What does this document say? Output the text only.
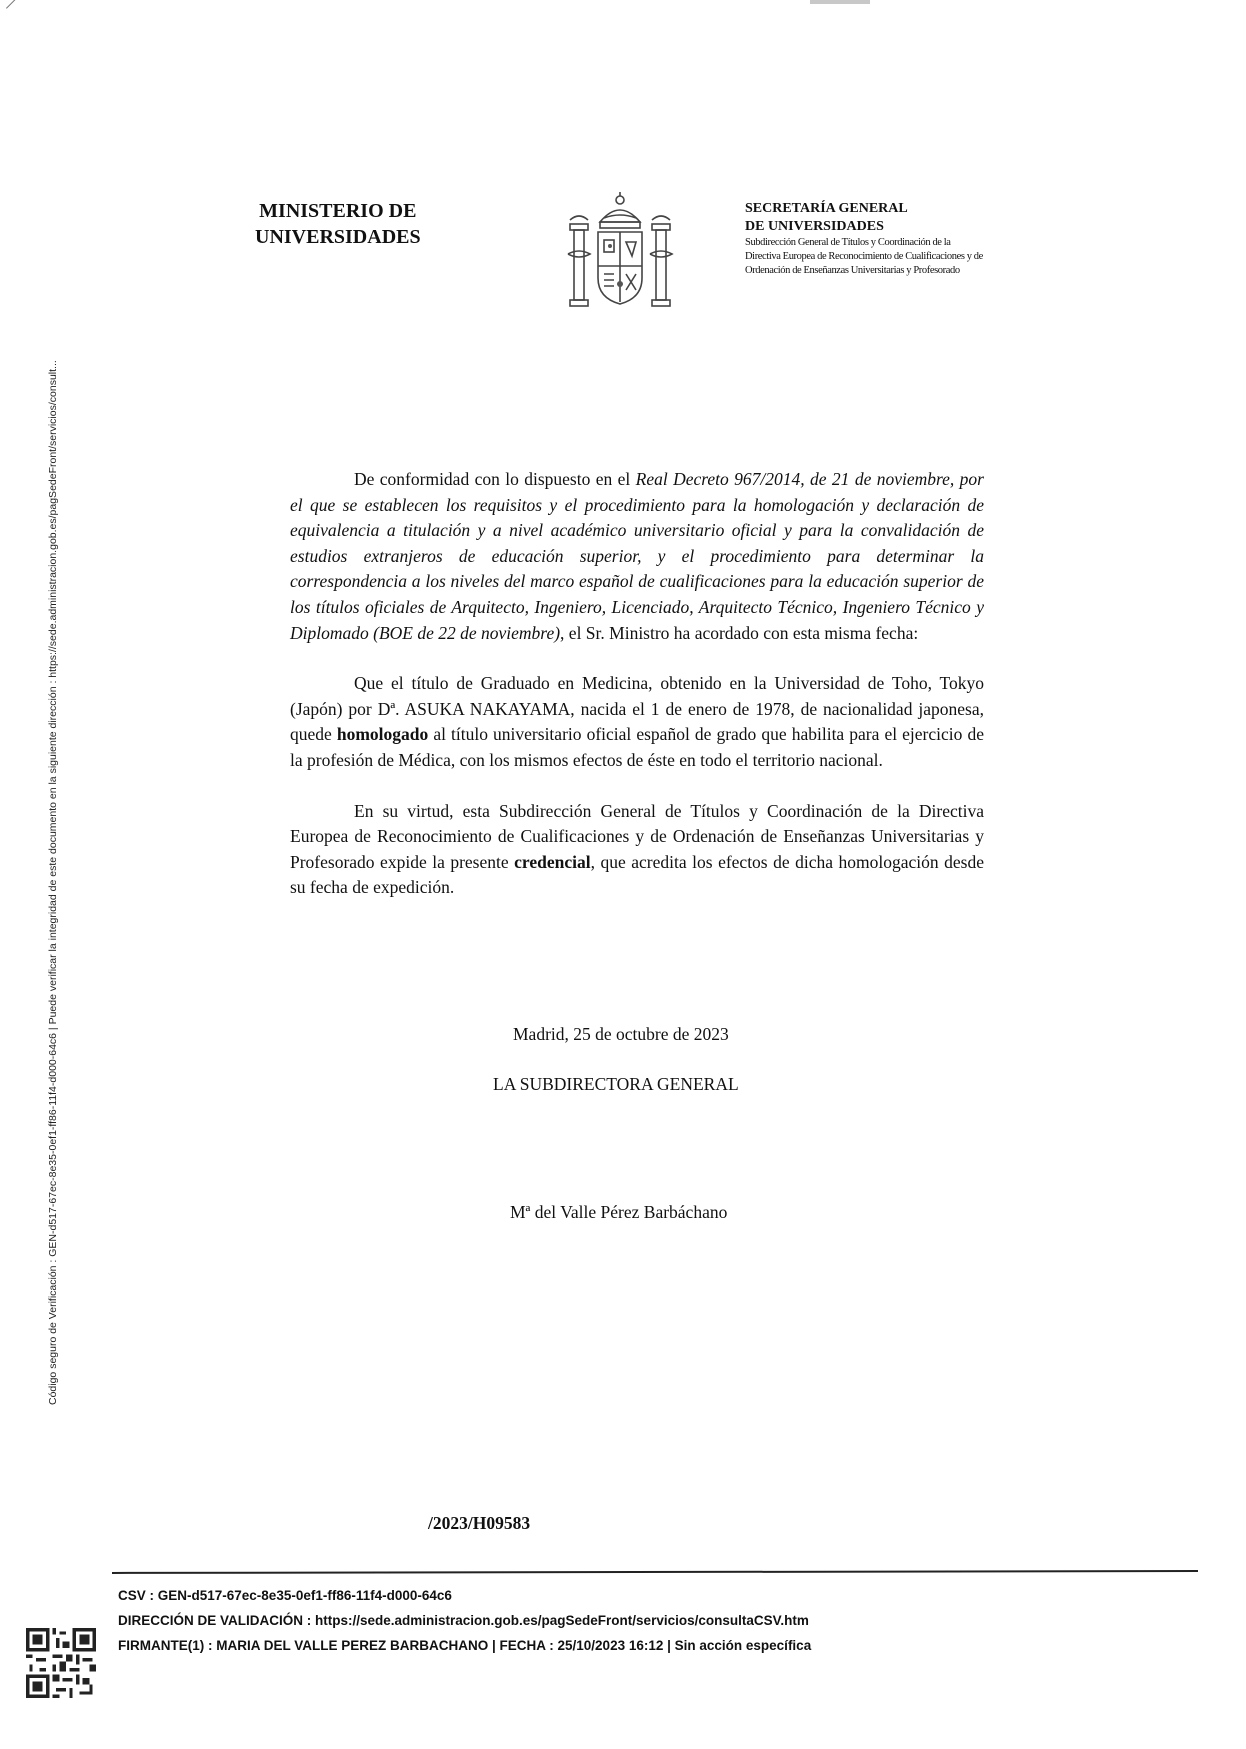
Código seguro de Verificación : GEN-d517-67ec-8e35-0ef1-ff86-11f4-d000-64c6 | Puede verificar la integridad de este documento en la siguiente dirección : https://sede.administracion.gob.es/pagSedeFront/servicios/consult...
MINISTERIO DE
UNIVERSIDADES
SECRETARÍA GENERAL
DE UNIVERSIDADES
Subdirección General de Títulos y Coordinación de la
Directiva Europea de Reconocimiento de Cualificaciones y de
Ordenación de Enseñanzas Universitarias y Profesorado

De conformidad con lo dispuesto en el Real Decreto 967/2014, de 21 de noviembre, por el que se establecen los requisitos y el procedimiento para la homologación y declaración de equivalencia a titulación y a nivel académico universitario oficial y para la convalidación de estudios extranjeros de educación superior, y el procedimiento para determinar la correspondencia a los niveles del marco español de cualificaciones para la educación superior de los títulos oficiales de Arquitecto, Ingeniero, Licenciado, Arquitecto Técnico, Ingeniero Técnico y Diplomado (BOE de 22 de noviembre), el Sr. Ministro ha acordado con esta misma fecha:

Que el título de Graduado en Medicina, obtenido en la Universidad de Toho, Tokyo (Japón) por Dª. ASUKA NAKAYAMA, nacida el 1 de enero de 1978, de nacionalidad japonesa, quede homologado al título universitario oficial español de grado que habilita para el ejercicio de la profesión de Médica, con los mismos efectos de éste en todo el territorio nacional.

En su virtud, esta Subdirección General de Títulos y Coordinación de la Directiva Europea de Reconocimiento de Cualificaciones y de Ordenación de Enseñanzas Universitarias y Profesorado expide la presente credencial, que acredita los efectos de dicha homologación desde su fecha de expedición.

Madrid, 25 de octubre de 2023
LA SUBDIRECTORA GENERAL
Mª del Valle Pérez Barbáchano
/2023/H09583
CSV : GEN-d517-67ec-8e35-0ef1-ff86-11f4-d000-64c6
DIRECCIÓN DE VALIDACIÓN : https://sede.administracion.gob.es/pagSedeFront/servicios/consultaCSV.htm
FIRMANTE(1) : MARIA DEL VALLE PEREZ BARBACHANO | FECHA : 25/10/2023 16:12 | Sin acción específica
